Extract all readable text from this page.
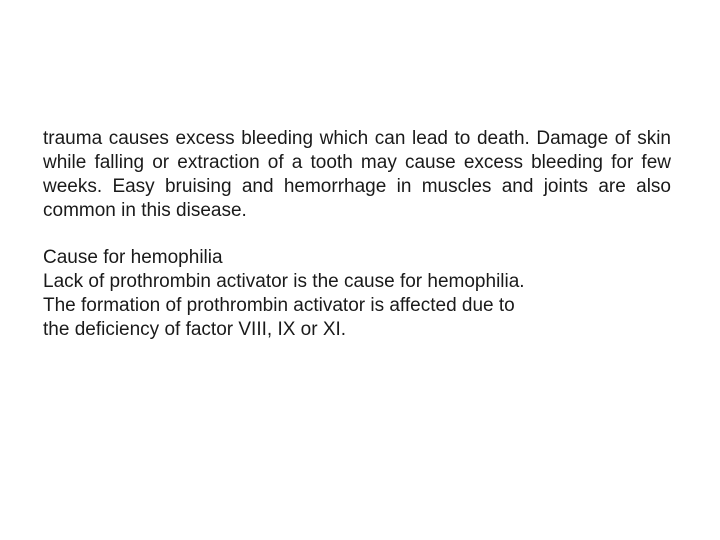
trauma causes excess bleeding which can lead to death. Damage of skin while falling or extraction of a tooth may cause excess bleeding for few weeks. Easy bruising and hemorrhage in muscles and joints are also common in this disease.

Cause for hemophilia
Lack of prothrombin activator is the cause for hemophilia.
The formation of prothrombin activator is affected due to
the deficiency of factor VIII, IX or XI.
